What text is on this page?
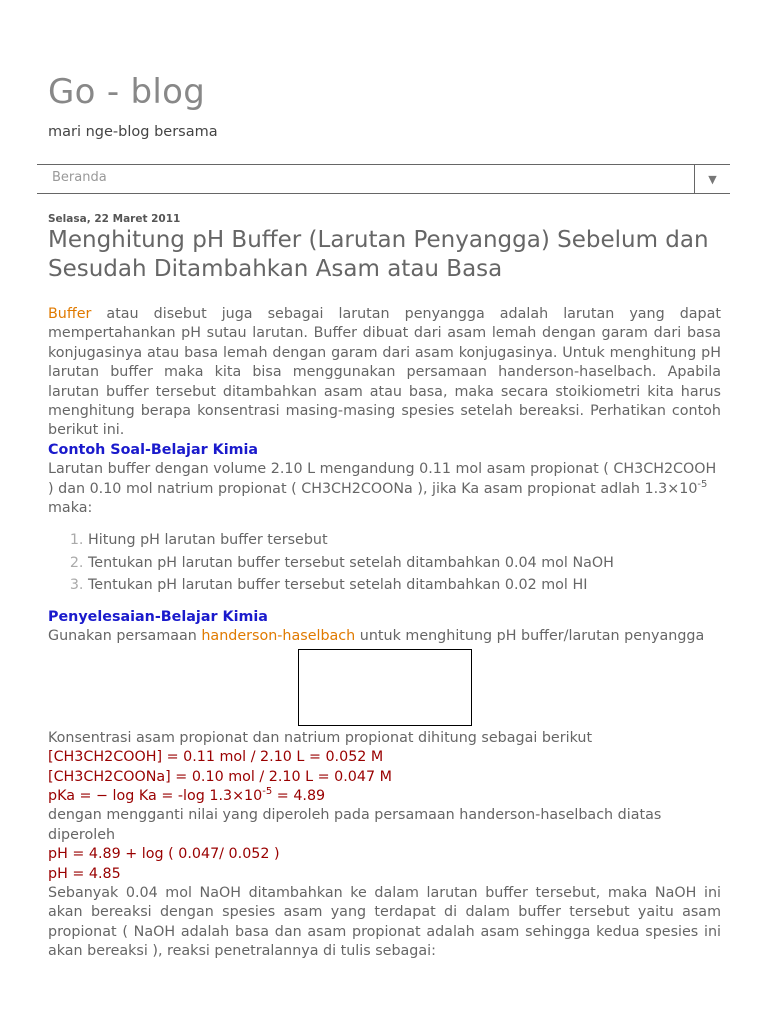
Go - blog
mari nge-blog bersama
Beranda	▼
Selasa, 22 Maret 2011
Menghitung pH Buffer (Larutan Penyangga) Sebelum dan Sesudah Ditambahkan Asam atau Basa

Buffer atau disebut juga sebagai larutan penyangga adalah larutan yang dapat mempertahankan pH sutau larutan. Buffer dibuat dari asam lemah dengan garam dari basa konjugasinya atau basa lemah dengan garam dari asam konjugasinya. Untuk menghitung pH larutan buffer maka kita bisa menggunakan persamaan handerson-haselbach. Apabila larutan buffer tersebut ditambahkan asam atau basa, maka secara stoikiometri kita harus menghitung berapa konsentrasi masing-masing spesies setelah bereaksi. Perhatikan contoh berikut ini.

Contoh Soal-Belajar Kimia

Larutan buffer dengan volume 2.10 L mengandung 0.11 mol asam propionat ( CH3CH2COOH ) dan 0.10 mol natrium propionat ( CH3CH2COONa ), jika Ka asam propionat adlah $1.3\times 10^{-5}$ maka:

1. Hitung pH larutan buffer tersebut
2. Tentukan pH larutan buffer tersebut setelah ditambahkan 0.04 mol NaOH
3. Tentukan pH larutan buffer tersebut setelah ditambahkan 0.02 mol HI

Penyelesaian-Belajar Kimia

Gunakan persamaan handerson-haselbach untuk menghitung pH buffer/larutan penyangga

Konsentrasi asam propionat dan natrium propionat dihitung sebagai berikut

[CH3CH2COOH] = 0.11 mol / 2.10 L = 0.052 M

[CH3CH2COONa] = 0.10 mol / 2.10 L = 0.047 M

pKa = − log Ka = -log $1.3\times 10^{-5} = 4.89$

dengan mengganti nilai yang diperoleh pada persamaan handerson-haselbach diatas diperoleh

pH = 4.89 + log ( 0.047/ 0.052 )

pH = 4.85

Sebanyak 0.04 mol NaOH ditambahkan ke dalam larutan buffer tersebut, maka NaOH ini akan bereaksi dengan spesies asam yang terdapat di dalam buffer tersebut yaitu asam propionat ( NaOH adalah basa dan asam propionat adalah asam sehingga kedua spesies ini akan bereaksi ), reaksi penetralannya di tulis sebagai:
